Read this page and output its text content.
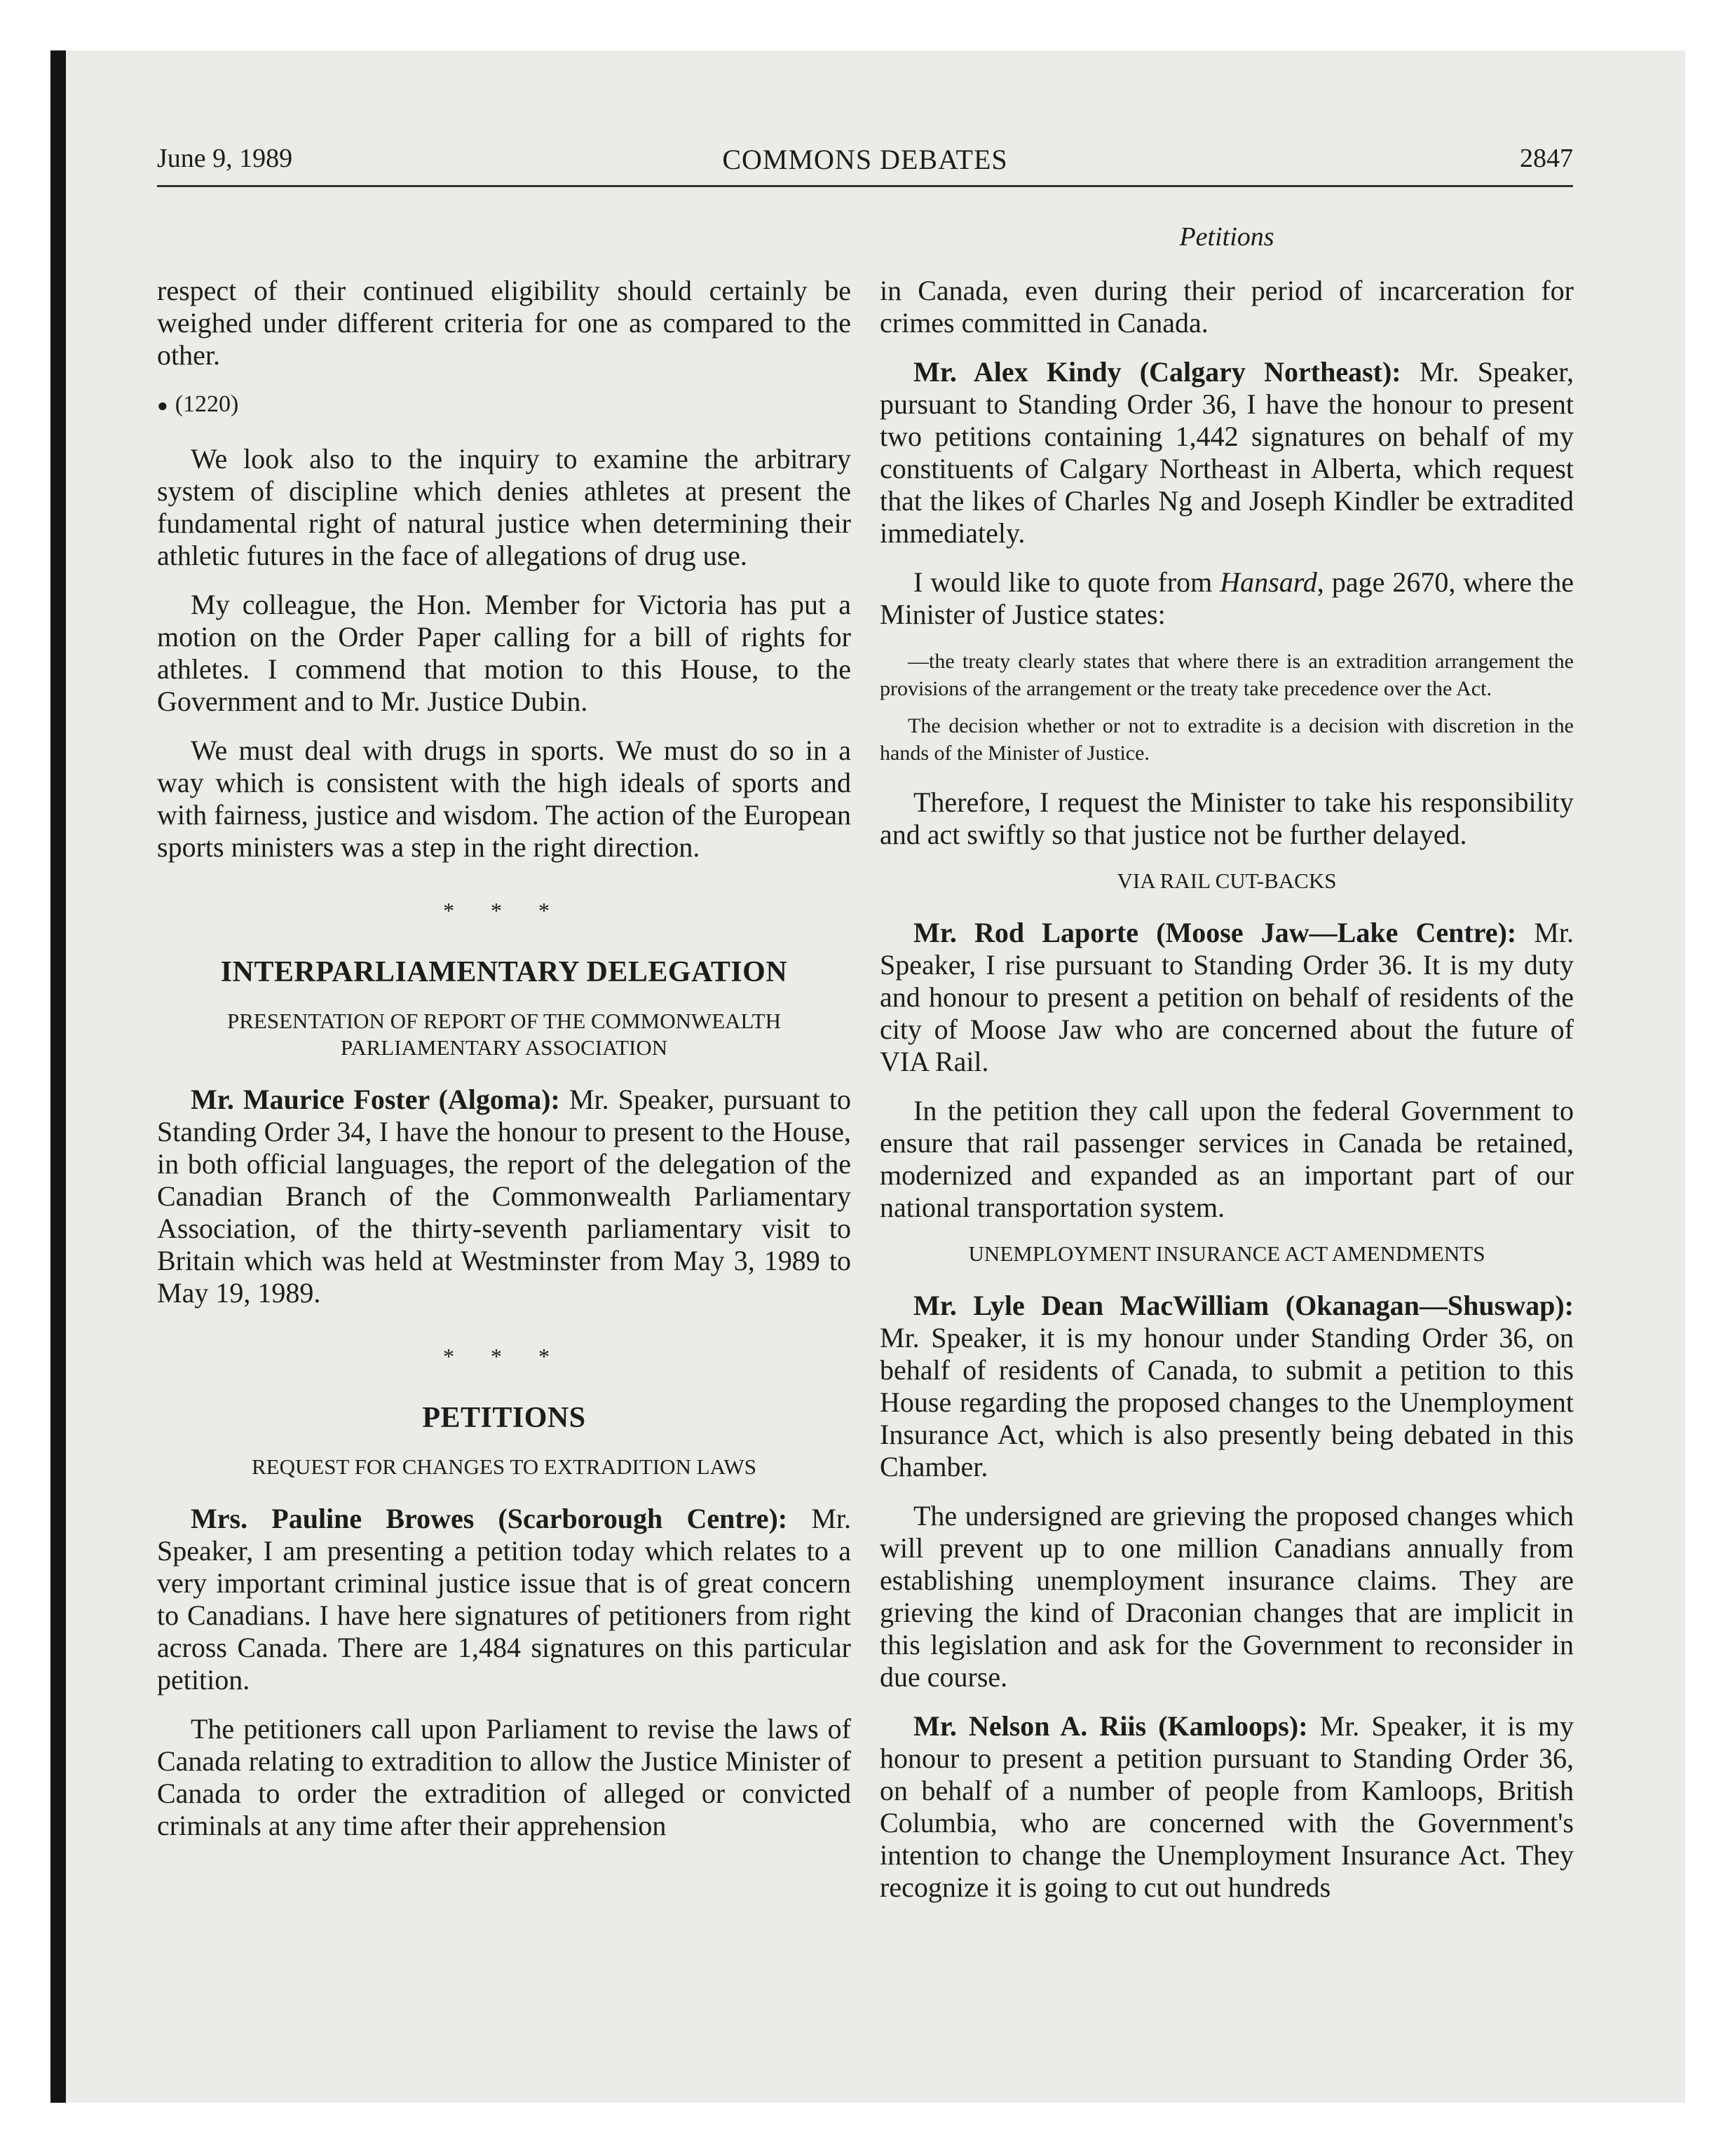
June 9, 1989	COMMONS DEBATES	2847
Petitions

respect of their continued eligibility should certainly be weighed under different criteria for one as compared to the other.

● (1220)

We look also to the inquiry to examine the arbitrary system of discipline which denies athletes at present the fundamental right of natural justice when determining their athletic futures in the face of allegations of drug use.

My colleague, the Hon. Member for Victoria has put a motion on the Order Paper calling for a bill of rights for athletes. I commend that motion to this House, to the Government and to Mr. Justice Dubin.

We must deal with drugs in sports. We must do so in a way which is consistent with the high ideals of sports and with fairness, justice and wisdom. The action of the European sports ministers was a step in the right direction.

* * *
INTERPARLIAMENTARY DELEGATION
PRESENTATION OF REPORT OF THE COMMONWEALTH PARLIAMENTARY ASSOCIATION

Mr. Maurice Foster (Algoma): Mr. Speaker, pursuant to Standing Order 34, I have the honour to present to the House, in both official languages, the report of the delegation of the Canadian Branch of the Commonwealth Parliamentary Association, of the thirty-seventh parliamentary visit to Britain which was held at Westminster from May 3, 1989 to May 19, 1989.

* * *
PETITIONS
REQUEST FOR CHANGES TO EXTRADITION LAWS

Mrs. Pauline Browes (Scarborough Centre): Mr. Speaker, I am presenting a petition today which relates to a very important criminal justice issue that is of great concern to Canadians. I have here signatures of petitioners from right across Canada. There are 1,484 signatures on this particular petition.

The petitioners call upon Parliament to revise the laws of Canada relating to extradition to allow the Justice Minister of Canada to order the extradition of alleged or convicted criminals at any time after their apprehension

in Canada, even during their period of incarceration for crimes committed in Canada.

Mr. Alex Kindy (Calgary Northeast): Mr. Speaker, pursuant to Standing Order 36, I have the honour to present two petitions containing 1,442 signatures on behalf of my constituents of Calgary Northeast in Alberta, which request that the likes of Charles Ng and Joseph Kindler be extradited immediately.

I would like to quote from Hansard, page 2670, where the Minister of Justice states:

—the treaty clearly states that where there is an extradition arrangement the provisions of the arrangement or the treaty take precedence over the Act.

The decision whether or not to extradite is a decision with discretion in the hands of the Minister of Justice.

Therefore, I request the Minister to take his responsibility and act swiftly so that justice not be further delayed.

VIA RAIL CUT-BACKS

Mr. Rod Laporte (Moose Jaw—Lake Centre): Mr. Speaker, I rise pursuant to Standing Order 36. It is my duty and honour to present a petition on behalf of residents of the city of Moose Jaw who are concerned about the future of VIA Rail.

In the petition they call upon the federal Government to ensure that rail passenger services in Canada be retained, modernized and expanded as an important part of our national transportation system.

UNEMPLOYMENT INSURANCE ACT AMENDMENTS

Mr. Lyle Dean MacWilliam (Okanagan—Shuswap): Mr. Speaker, it is my honour under Standing Order 36, on behalf of residents of Canada, to submit a petition to this House regarding the proposed changes to the Unemployment Insurance Act, which is also presently being debated in this Chamber.

The undersigned are grieving the proposed changes which will prevent up to one million Canadians annually from establishing unemployment insurance claims. They are grieving the kind of Draconian changes that are implicit in this legislation and ask for the Government to reconsider in due course.

Mr. Nelson A. Riis (Kamloops): Mr. Speaker, it is my honour to present a petition pursuant to Standing Order 36, on behalf of a number of people from Kamloops, British Columbia, who are concerned with the Government's intention to change the Unemployment Insurance Act. They recognize it is going to cut out hundreds
